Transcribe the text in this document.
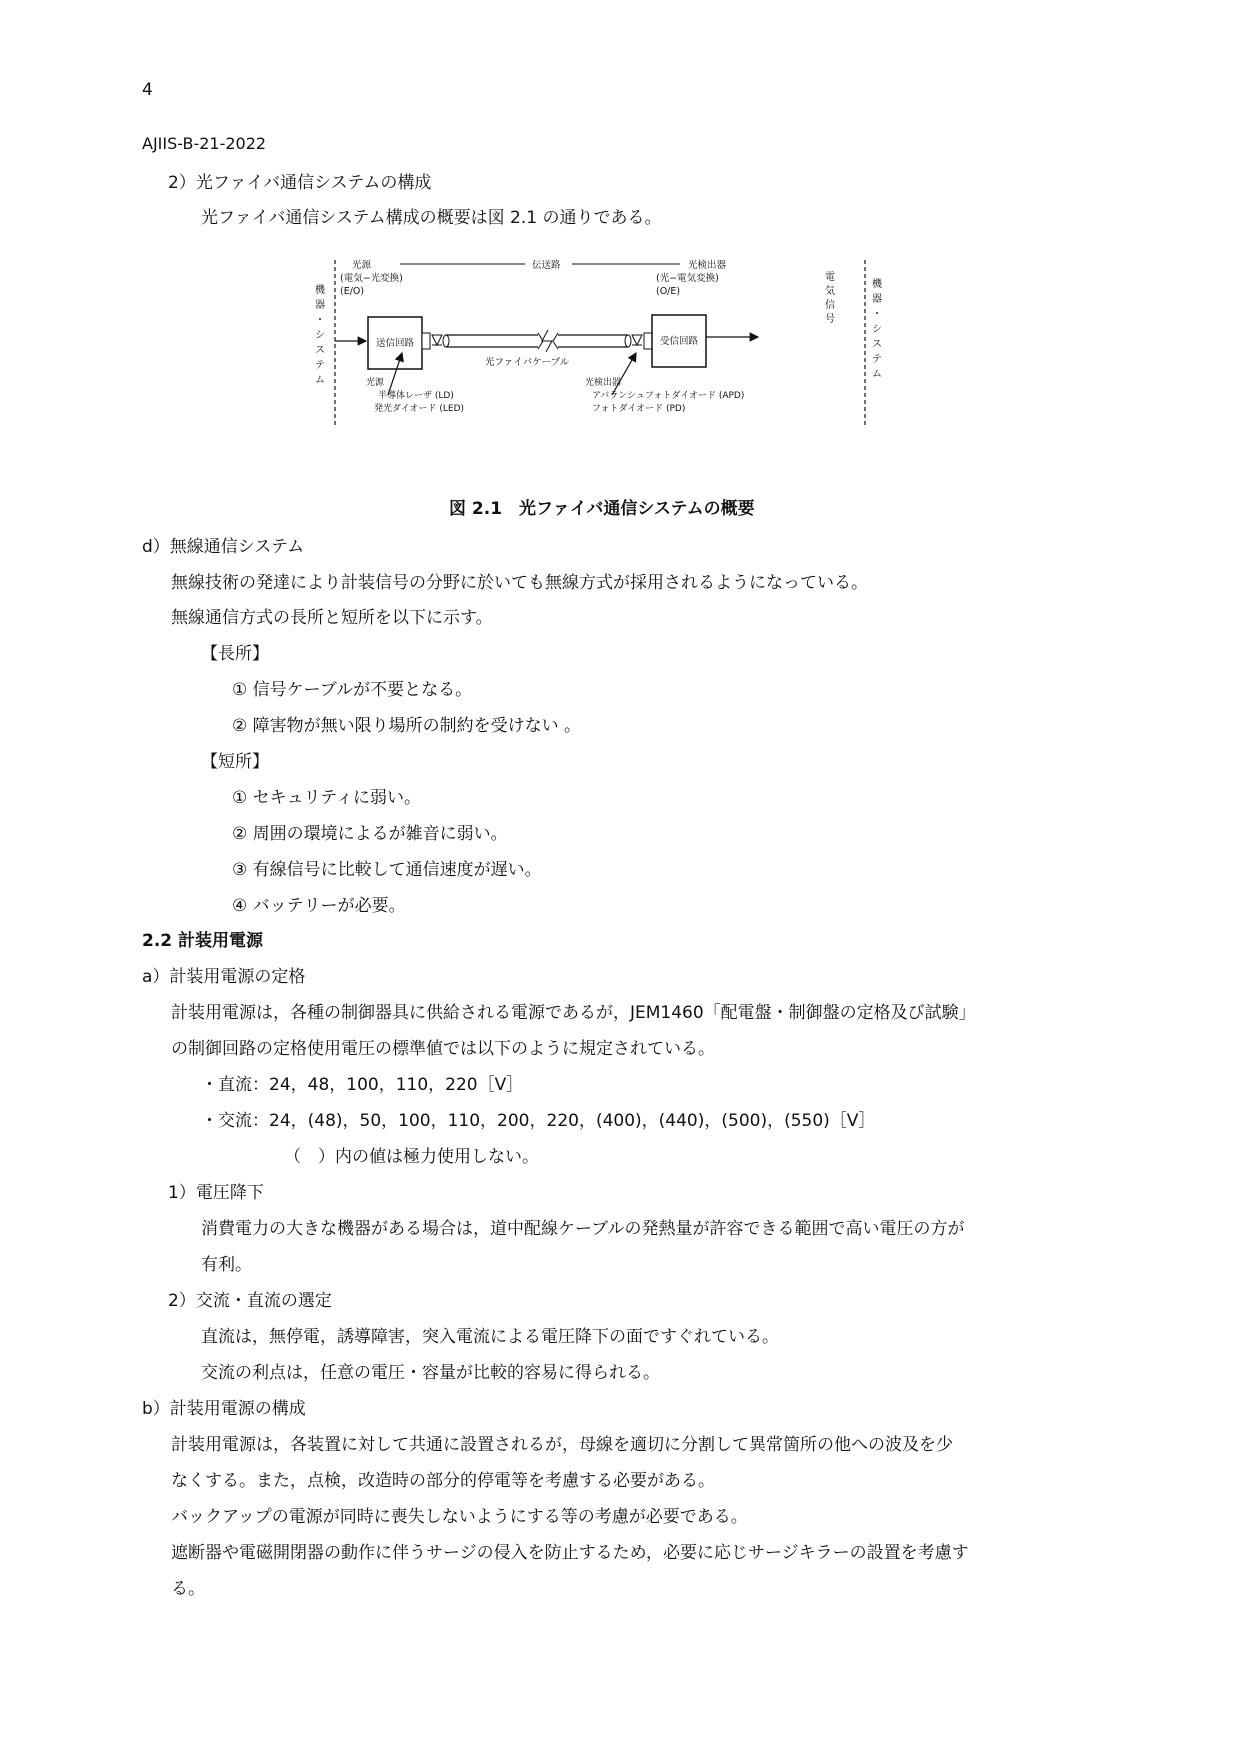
4
AJIIS-B-21-2022
2）光ファイバ通信システムの構成
光ファイバ通信システム構成の概要は図 2.1 の通りである。
機
器
・
シ
ス
テ
ム
機
器
・
シ
ス
テ
ム
電
気
信
号
光源
(電気−光変換)
(E/O)
伝送路	光検出器
(光−電気変換)
(O/E)
送信回路
光ファイバケーブル
受信回路
光源
半導体レーザ (LD)
発光ダイオード (LED)
光検出器
アバランシュフォトダイオード (APD)
フォトダイオード (PD)
図 2.1　光ファイバ通信システムの概要
d）無線通信システム
無線技術の発達により計装信号の分野に於いても無線方式が採用されるようになっている。
無線通信方式の長所と短所を以下に示す。
【長所】
① 信号ケーブルが不要となる。
② 障害物が無い限り場所の制約を受けない 。
【短所】
① セキュリティに弱い。
② 周囲の環境によるが雑音に弱い。
③ 有線信号に比較して通信速度が遅い。
④ バッテリーが必要。
2.2 計装用電源
a）計装用電源の定格
計装用電源は，各種の制御器具に供給される電源であるが，JEM1460「配電盤・制御盤の定格及び試験」
の制御回路の定格使用電圧の標準値では以下のように規定されている。
・直流：24，48，100，110，220［V］
・交流：24，(48)，50，100，110，200，220，(400)，(440)，(500)，(550)［V］
（　）内の値は極力使用しない。
1）電圧降下
消費電力の大きな機器がある場合は，道中配線ケーブルの発熱量が許容できる範囲で高い電圧の方が
有利。
2）交流・直流の選定
直流は，無停電，誘導障害，突入電流による電圧降下の面ですぐれている。
交流の利点は，任意の電圧・容量が比較的容易に得られる。
b）計装用電源の構成
計装用電源は，各装置に対して共通に設置されるが，母線を適切に分割して異常箇所の他への波及を少
なくする。また，点検，改造時の部分的停電等を考慮する必要がある。
バックアップの電源が同時に喪失しないようにする等の考慮が必要である。
遮断器や電磁開閉器の動作に伴うサージの侵入を防止するため，必要に応じサージキラーの設置を考慮す
る。
